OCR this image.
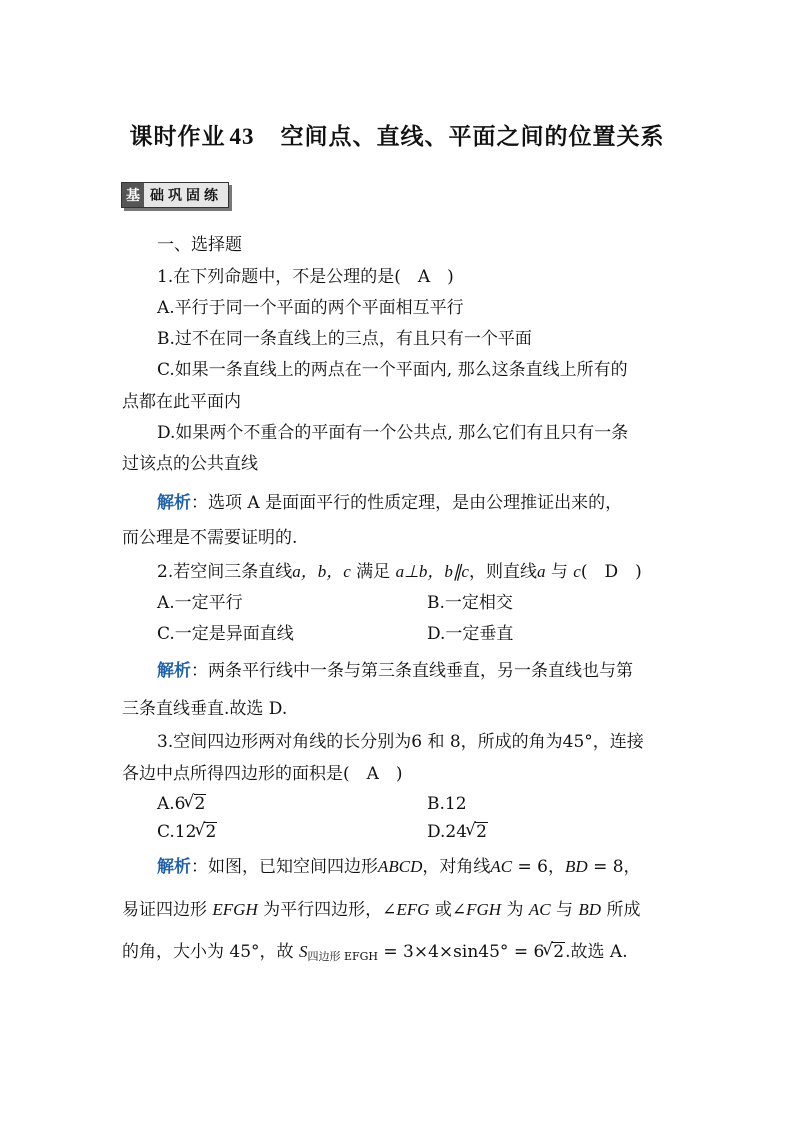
课时作业 43 空间点、直线、平面之间的位置关系
基 础巩固练
一、选择题
1.在下列命题中，不是公理的是(　A　)
A.平行于同一个平面的两个平面相互平行
B.过不在同一条直线上的三点，有且只有一个平面
C.如果一条直线上的两点在一个平面内, 那么这条直线上所有的
点都在此平面内
D.如果两个不重合的平面有一个公共点, 那么它们有且只有一条
过该点的公共直线
解析：选项 A 是面面平行的性质定理，是由公理推证出来的，
而公理是不需要证明的.
2.若空间三条直线a，b，c 满足 a⊥b，b∥c，则直线a 与 c(　D　)
A.一定平行	B.一定相交
C.一定是异面直线	D.一定垂直
解析：两条平行线中一条与第三条直线垂直，另一条直线也与第
三条直线垂直.故选 D.
3.空间四边形两对角线的长分别为6 和 8，所成的角为45°，连接
各边中点所得四边形的面积是(　A　)
A.6√ 2	B.12
C.12√ 2	D.24√ 2
解析：如图，已知空间四边形ABCD，对角线AC = 6，BD = 8，
易证四边形 EFGH 为平行四边形，∠EFG 或∠FGH 为 AC 与 BD 所成
的角，大小为 45°，故 $S_{四边形 EFGH} = 3\times 4\times\sin 45^\circ = 6√$ 2.故选 A.
